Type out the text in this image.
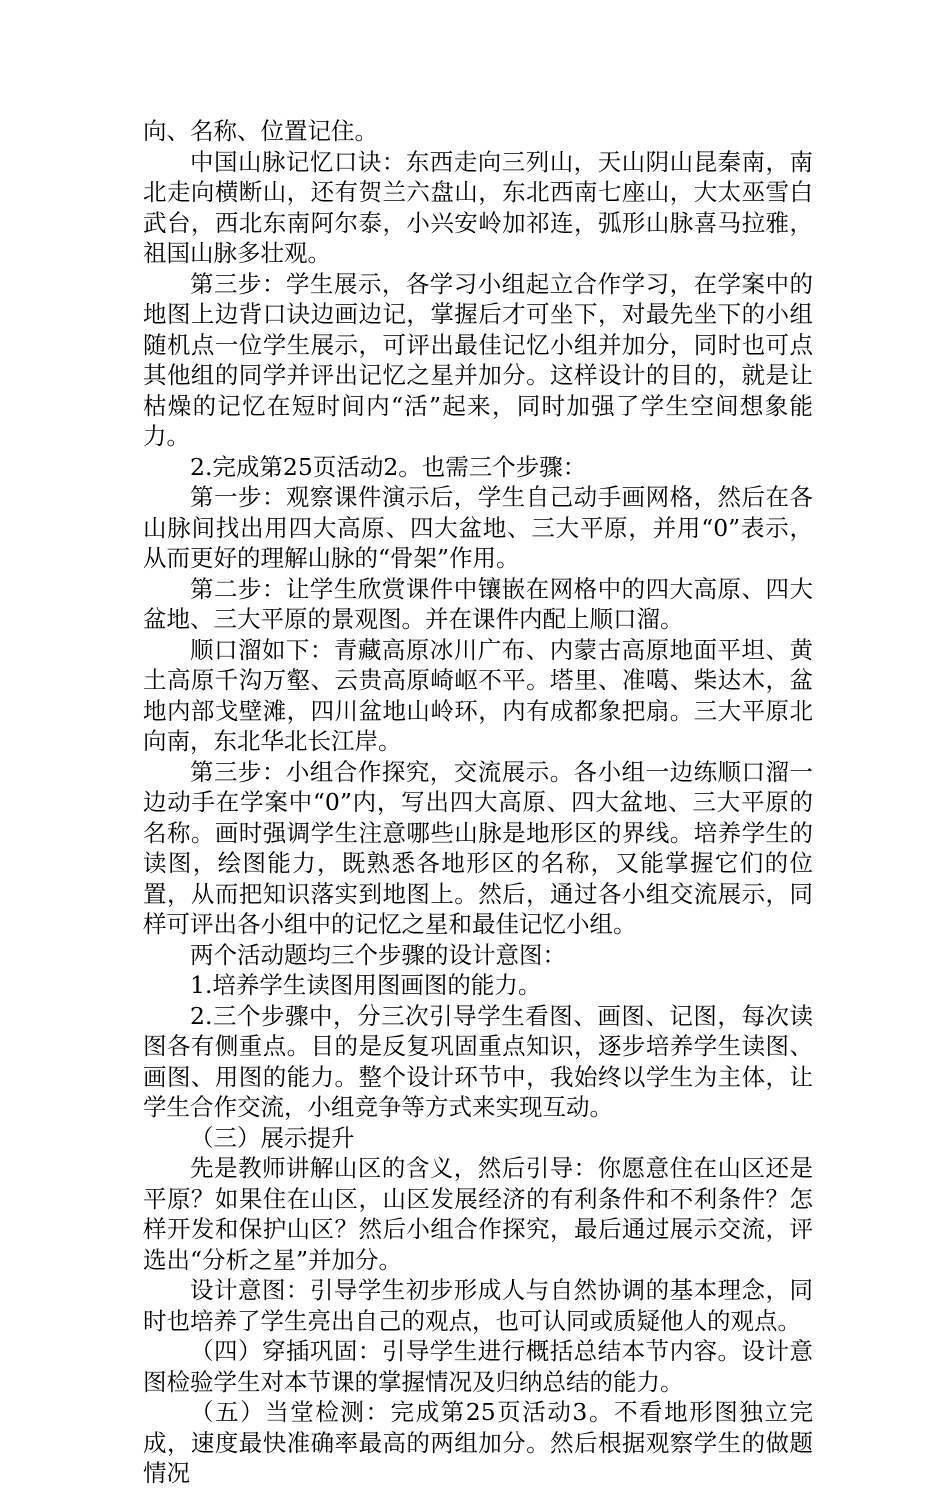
向、名称、位置记住。

中国山脉记忆口诀：东西走向三列山，天山阴山昆秦南，南北走向横断山，还有贺兰六盘山，东北西南七座山，大太巫雪白武台，西北东南阿尔泰，小兴安岭加祁连，弧形山脉喜马拉雅，祖国山脉多壮观。

第三步：学生展示，各学习小组起立合作学习，在学案中的地图上边背口诀边画边记，掌握后才可坐下，对最先坐下的小组随机点一位学生展示，可评出最佳记忆小组并加分，同时也可点其他组的同学并评出记忆之星并加分。这样设计的目的，就是让枯燥的记忆在短时间内“活”起来，同时加强了学生空间想象能力。

2.完成第25页活动2。也需三个步骤：

第一步：观察课件演示后，学生自己动手画网格，然后在各山脉间找出用四大高原、四大盆地、三大平原，并用“0”表示，从而更好的理解山脉的“骨架”作用。

第二步：让学生欣赏课件中镶嵌在网格中的四大高原、四大盆地、三大平原的景观图。并在课件内配上顺口溜。

顺口溜如下：青藏高原冰川广布、内蒙古高原地面平坦、黄土高原千沟万壑、云贵高原崎岖不平。塔里、准噶、柴达木，盆地内部戈壁滩，四川盆地山岭环，内有成都象把扇。三大平原北向南，东北华北长江岸。

第三步：小组合作探究，交流展示。各小组一边练顺口溜一边动手在学案中“0”内，写出四大高原、四大盆地、三大平原的名称。画时强调学生注意哪些山脉是地形区的界线。培养学生的读图，绘图能力，既熟悉各地形区的名称，又能掌握它们的位置，从而把知识落实到地图上。然后，通过各小组交流展示，同样可评出各小组中的记忆之星和最佳记忆小组。

两个活动题均三个步骤的设计意图：

1.培养学生读图用图画图的能力。

2.三个步骤中，分三次引导学生看图、画图、记图，每次读图各有侧重点。目的是反复巩固重点知识，逐步培养学生读图、画图、用图的能力。整个设计环节中，我始终以学生为主体，让学生合作交流，小组竞争等方式来实现互动。

（三）展示提升

先是教师讲解山区的含义，然后引导：你愿意住在山区还是平原？如果住在山区，山区发展经济的有利条件和不利条件？怎样开发和保护山区？然后小组合作探究，最后通过展示交流，评选出“分析之星”并加分。

设计意图：引导学生初步形成人与自然协调的基本理念，同时也培养了学生亮出自己的观点，也可认同或质疑他人的观点。

（四）穿插巩固：引导学生进行概括总结本节内容。设计意图检验学生对本节课的掌握情况及归纳总结的能力。

（五）当堂检测：完成第25页活动3。不看地形图独立完成，速度最快准确率最高的两组加分。然后根据观察学生的做题情况
